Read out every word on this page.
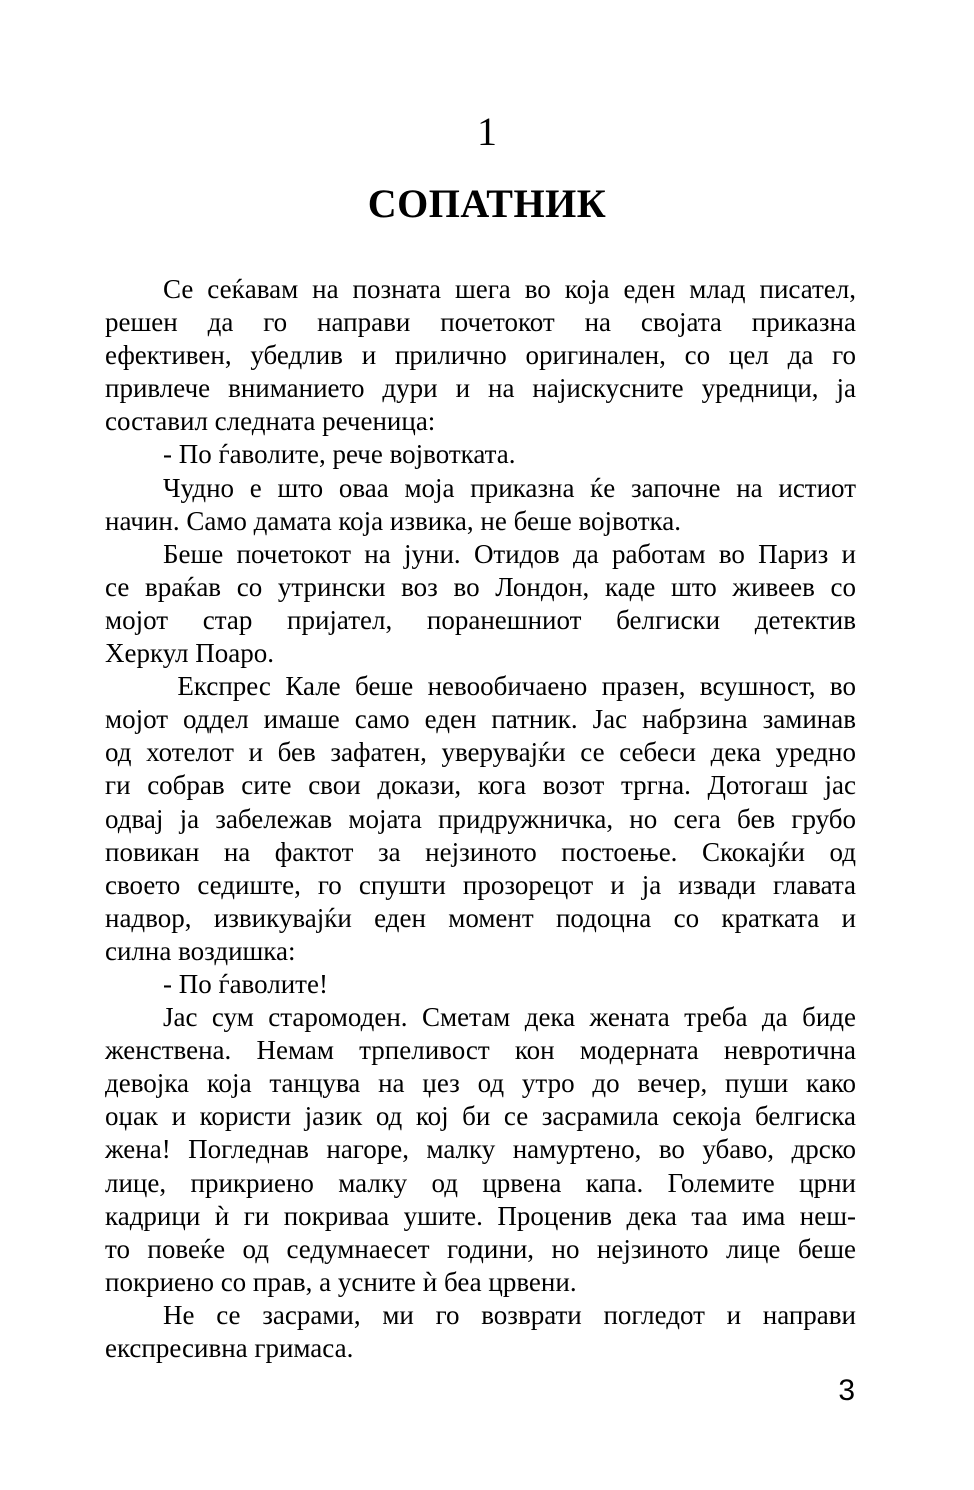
1
СОПАТНИК
Се сеќавам на позната шега во која еден млад писател,
решен да го направи почетокот на својата приказна
ефективен, убедлив и прилично оригинален, со цел да го
привлече вниманието дури и на најискусните уредници, ја
составил следната реченица:
- По ѓаволите, рече војвотката.
Чудно е што оваа моја приказна ќе започне на истиот
начин. Само дамата која извика, не беше војвотка.
Беше почетокот на јуни. Отидов да работам во Париз и
се враќав со утрински воз во Лондон, каде што живеев со
мојот стар пријател, поранешниот белгиски детектив
Херкул Поаро.
Експрес Кале беше невообичаено празен, всушност, во
мојот оддел имаше само еден патник. Јас набрзина заминав
од хотелот и бев зафатен, уверувајќи се себеси дека уредно
ги собрав сите свои докази, кога возот тргна. Дотогаш јас
одвај ја забележав мојата придружничка, но сега бев грубо
повикан на фактот за нејзиното постоење. Скокајќи од
своето седиште, го спушти прозорецот и ја извади главата
надвор, извикувајќи еден момент подоцна со кратката и
силна воздишка:
- По ѓаволите!
Јас сум старомоден. Сметам дека жената треба да биде
женствена. Немам трпеливост кон модерната невротична
девојка која танцува на џез од утро до вечер, пуши како
оџак и користи јазик од кој би се засрамила секоја белгиска
жена! Погледнав нагоре, малку намуртено, во убаво, дрско
лице, прикриено малку од црвена капа. Големите црни
кадрици ѝ ги покриваа ушите. Проценив дека таа има неш-
то повеќе од седумнаесет години, но нејзиното лице беше
покриено со прав, а усните ѝ беа црвени.
Не се засрами, ми го возврати погледот и направи
експресивна гримаса.
3
